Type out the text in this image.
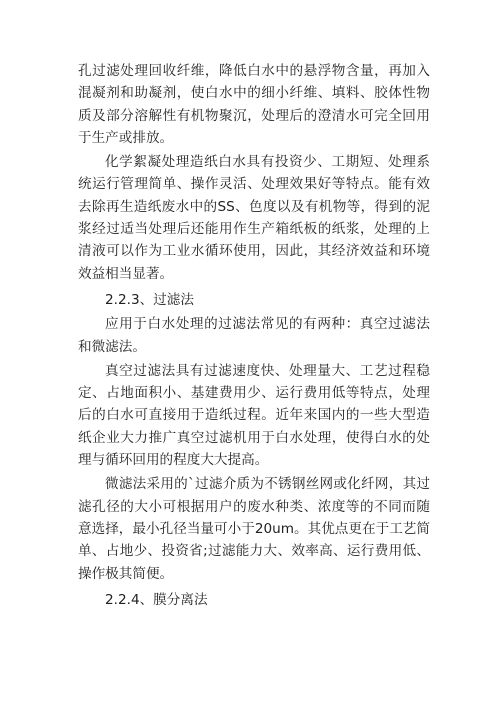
孔过滤处理回收纤维，降低白水中的悬浮物含量，再加入混凝剂和助凝剂，使白水中的细小纤维、填料、胶体性物质及部分溶解性有机物聚沉，处理后的澄清水可完全回用于生产或排放。

化学絮凝处理造纸白水具有投资少、工期短、处理系统运行管理简单、操作灵活、处理效果好等特点。能有效去除再生造纸废水中的SS、色度以及有机物等，得到的泥浆经过适当处理后还能用作生产箱纸板的纸浆，处理的上清液可以作为工业水循环使用，因此，其经济效益和环境效益相当显著。

2.2.3、过滤法

应用于白水处理的过滤法常见的有两种：真空过滤法和微滤法。

真空过滤法具有过滤速度快、处理量大、工艺过程稳定、占地面积小、基建费用少、运行费用低等特点，处理后的白水可直接用于造纸过程。近年来国内的一些大型造纸企业大力推广真空过滤机用于白水处理，使得白水的处理与循环回用的程度大大提高。

微滤法采用的`过滤介质为不锈钢丝网或化纤网，其过滤孔径的大小可根据用户的废水种类、浓度等的不同而随意选择，最小孔径当量可小于20um。其优点更在于工艺简单、占地少、投资省;过滤能力大、效率高、运行费用低、操作极其简便。

2.2.4、膜分离法
